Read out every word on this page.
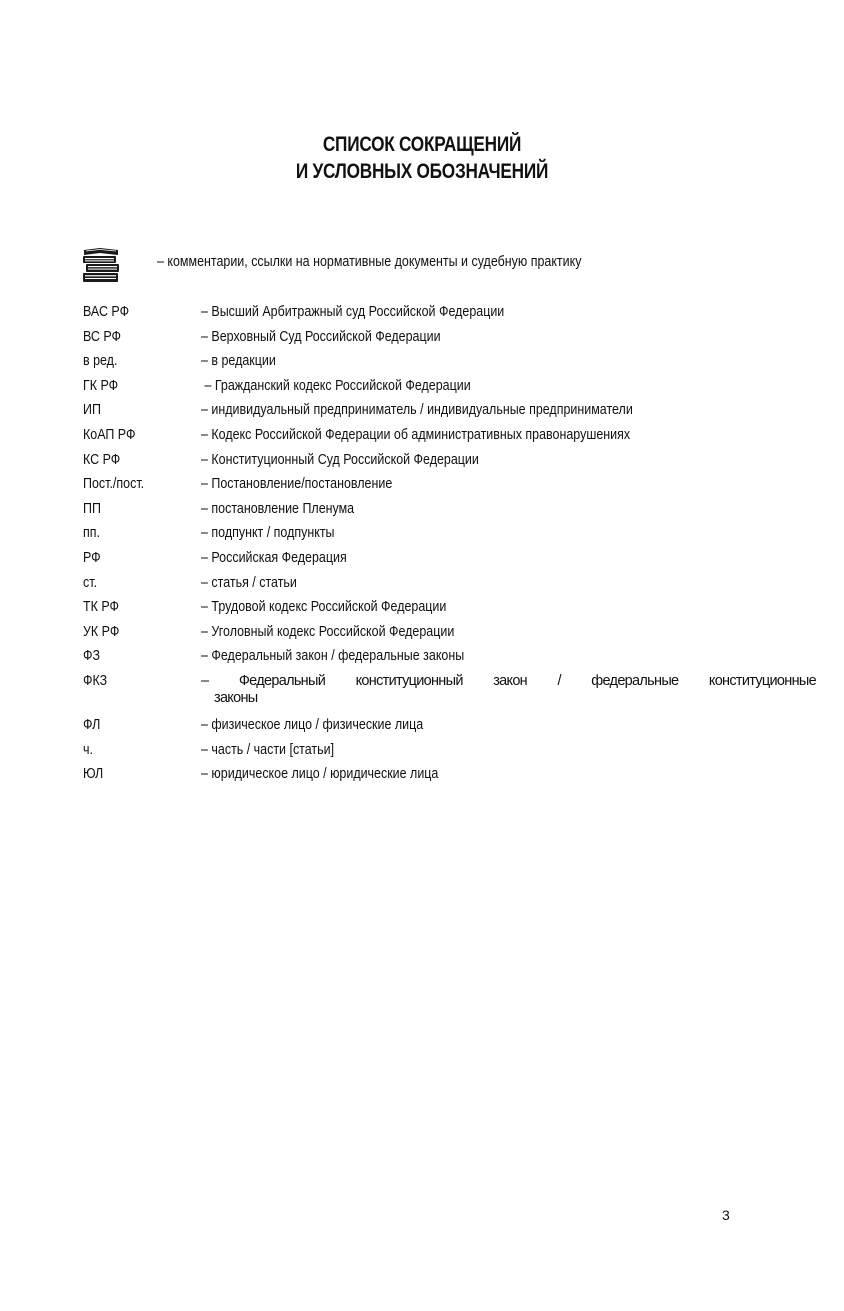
СПИСОК СОКРАЩЕНИЙ
И УСЛОВНЫХ ОБОЗНАЧЕНИЙ
– комментарии, ссылки на нормативные документы и судебную практику
ВАС РФ	– Высший Арбитражный суд Российской Федерации
ВС РФ	– Верховный Суд Российской Федерации
в ред.	– в редакции
ГК РФ	– Гражданский кодекс Российской Федерации
ИП	– индивидуальный предприниматель / индивидуальные предприниматели
КоАП РФ	– Кодекс Российской Федерации об административных правонарушениях
КС РФ	– Конституционный Суд Российской Федерации
Пост./пост.	– Постановление/постановление
ПП	– постановление Пленума
пп.	– подпункт / подпункты
РФ	– Российская Федерация
ст.	– статья / статьи
ТК РФ	– Трудовой кодекс Российской Федерации
УК РФ	– Уголовный кодекс Российской Федерации
ФЗ	– Федеральный закон / федеральные законы
ФКЗ	– Федеральный конституционный закон / федеральные конституционные
законы
ФЛ	– физическое лицо / физические лица
ч.	– часть / части [статьи]
ЮЛ	– юридическое лицо / юридические лица
3
